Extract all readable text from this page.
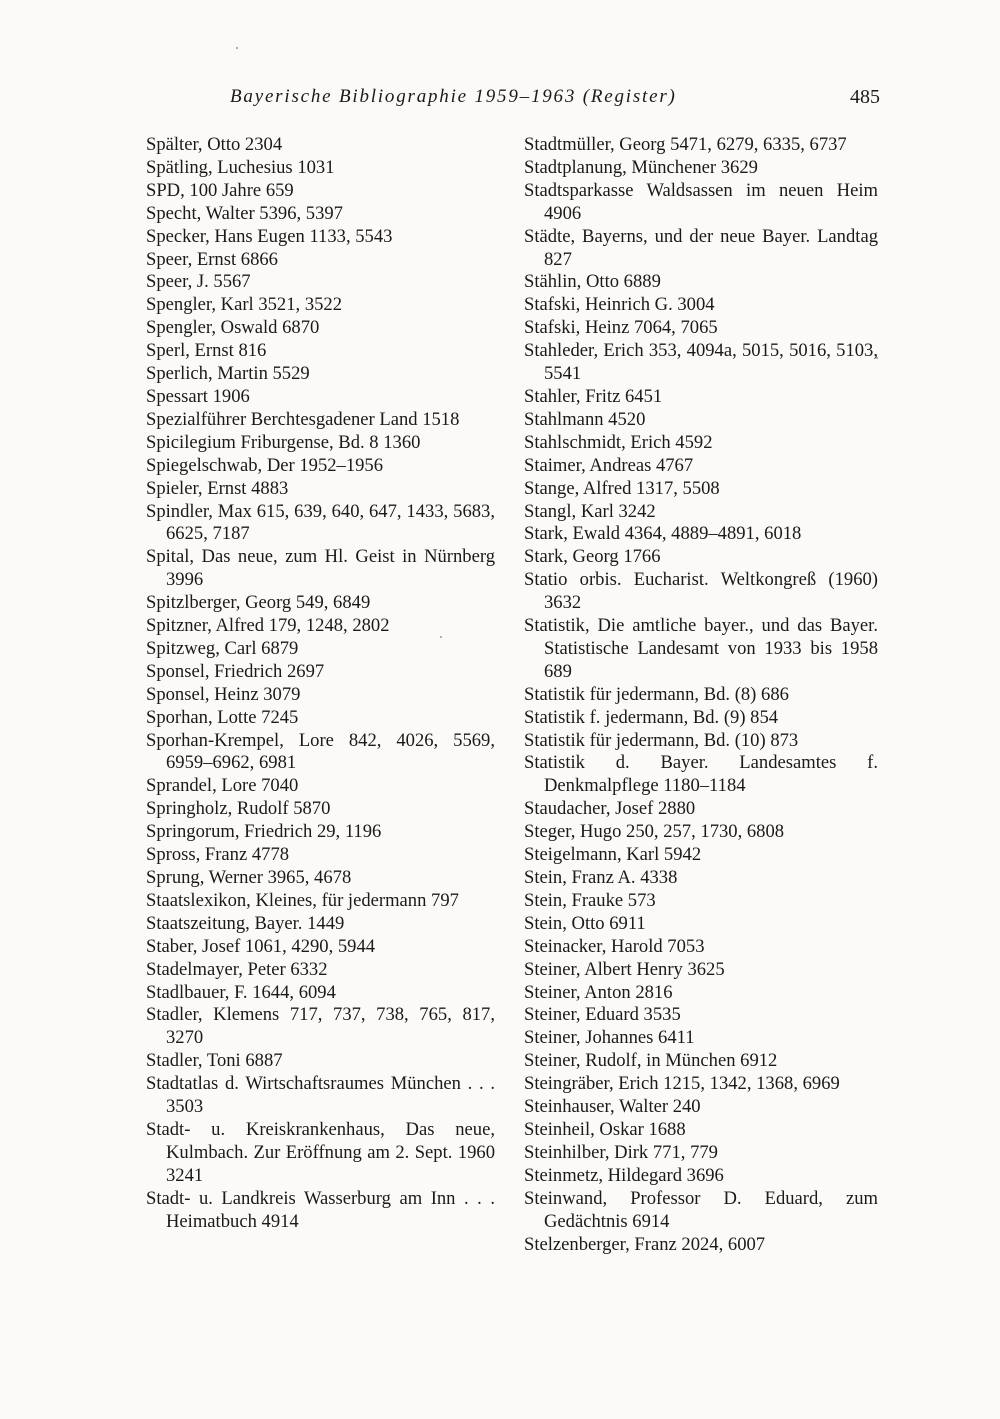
Bayerische Bibliographie 1959–1963 (Register)	485
Spälter, Otto 2304
Spätling, Luchesius 1031
SPD, 100 Jahre 659
Specht, Walter 5396, 5397
Specker, Hans Eugen 1133, 5543
Speer, Ernst 6866
Speer, J. 5567
Spengler, Karl 3521, 3522
Spengler, Oswald 6870
Sperl, Ernst 816
Sperlich, Martin 5529
Spessart 1906
Spezialführer Berchtesgadener Land 1518
Spicilegium Friburgense, Bd. 8 1360
Spiegelschwab, Der 1952–1956
Spieler, Ernst 4883
Spindler, Max 615, 639, 640, 647, 1433, 5683, 6625, 7187
Spital, Das neue, zum Hl. Geist in Nürnberg 3996
Spitzlberger, Georg 549, 6849
Spitzner, Alfred 179, 1248, 2802
Spitzweg, Carl 6879
Sponsel, Friedrich 2697
Sponsel, Heinz 3079
Sporhan, Lotte 7245
Sporhan-Krempel, Lore 842, 4026, 5569, 6959–6962, 6981
Sprandel, Lore 7040
Springholz, Rudolf 5870
Springorum, Friedrich 29, 1196
Spross, Franz 4778
Sprung, Werner 3965, 4678
Staatslexikon, Kleines, für jedermann 797
Staatszeitung, Bayer. 1449
Staber, Josef 1061, 4290, 5944
Stadelmayer, Peter 6332
Stadlbauer, F. 1644, 6094
Stadler, Klemens 717, 737, 738, 765, 817, 3270
Stadler, Toni 6887
Stadtatlas d. Wirtschaftsraumes München . . . 3503
Stadt- u. Kreiskrankenhaus, Das neue, Kulmbach. Zur Eröffnung am 2. Sept. 1960 3241
Stadt- u. Landkreis Wasserburg am Inn . . . Heimatbuch 4914
Stadtmüller, Georg 5471, 6279, 6335, 6737
Stadtplanung, Münchener 3629
Stadtsparkasse Waldsassen im neuen Heim 4906
Städte, Bayerns, und der neue Bayer. Landtag 827
Stählin, Otto 6889
Stafski, Heinrich G. 3004
Stafski, Heinz 7064, 7065
Stahleder, Erich 353, 4094a, 5015, 5016, 5103, 5541
Stahler, Fritz 6451
Stahlmann 4520
Stahlschmidt, Erich 4592
Staimer, Andreas 4767
Stange, Alfred 1317, 5508
Stangl, Karl 3242
Stark, Ewald 4364, 4889–4891, 6018
Stark, Georg 1766
Statio orbis. Eucharist. Weltkongreß (1960) 3632
Statistik, Die amtliche bayer., und das Bayer. Statistische Landesamt von 1933 bis 1958 689
Statistik für jedermann, Bd. (8) 686
Statistik f. jedermann, Bd. (9) 854
Statistik für jedermann, Bd. (10) 873
Statistik d. Bayer. Landesamtes f. Denkmalpflege 1180–1184
Staudacher, Josef 2880
Steger, Hugo 250, 257, 1730, 6808
Steigelmann, Karl 5942
Stein, Franz A. 4338
Stein, Frauke 573
Stein, Otto 6911
Steinacker, Harold 7053
Steiner, Albert Henry 3625
Steiner, Anton 2816
Steiner, Eduard 3535
Steiner, Johannes 6411
Steiner, Rudolf, in München 6912
Steingräber, Erich 1215, 1342, 1368, 6969
Steinhauser, Walter 240
Steinheil, Oskar 1688
Steinhilber, Dirk 771, 779
Steinmetz, Hildegard 3696
Steinwand, Professor D. Eduard, zum Gedächtnis 6914
Stelzenberger, Franz 2024, 6007
